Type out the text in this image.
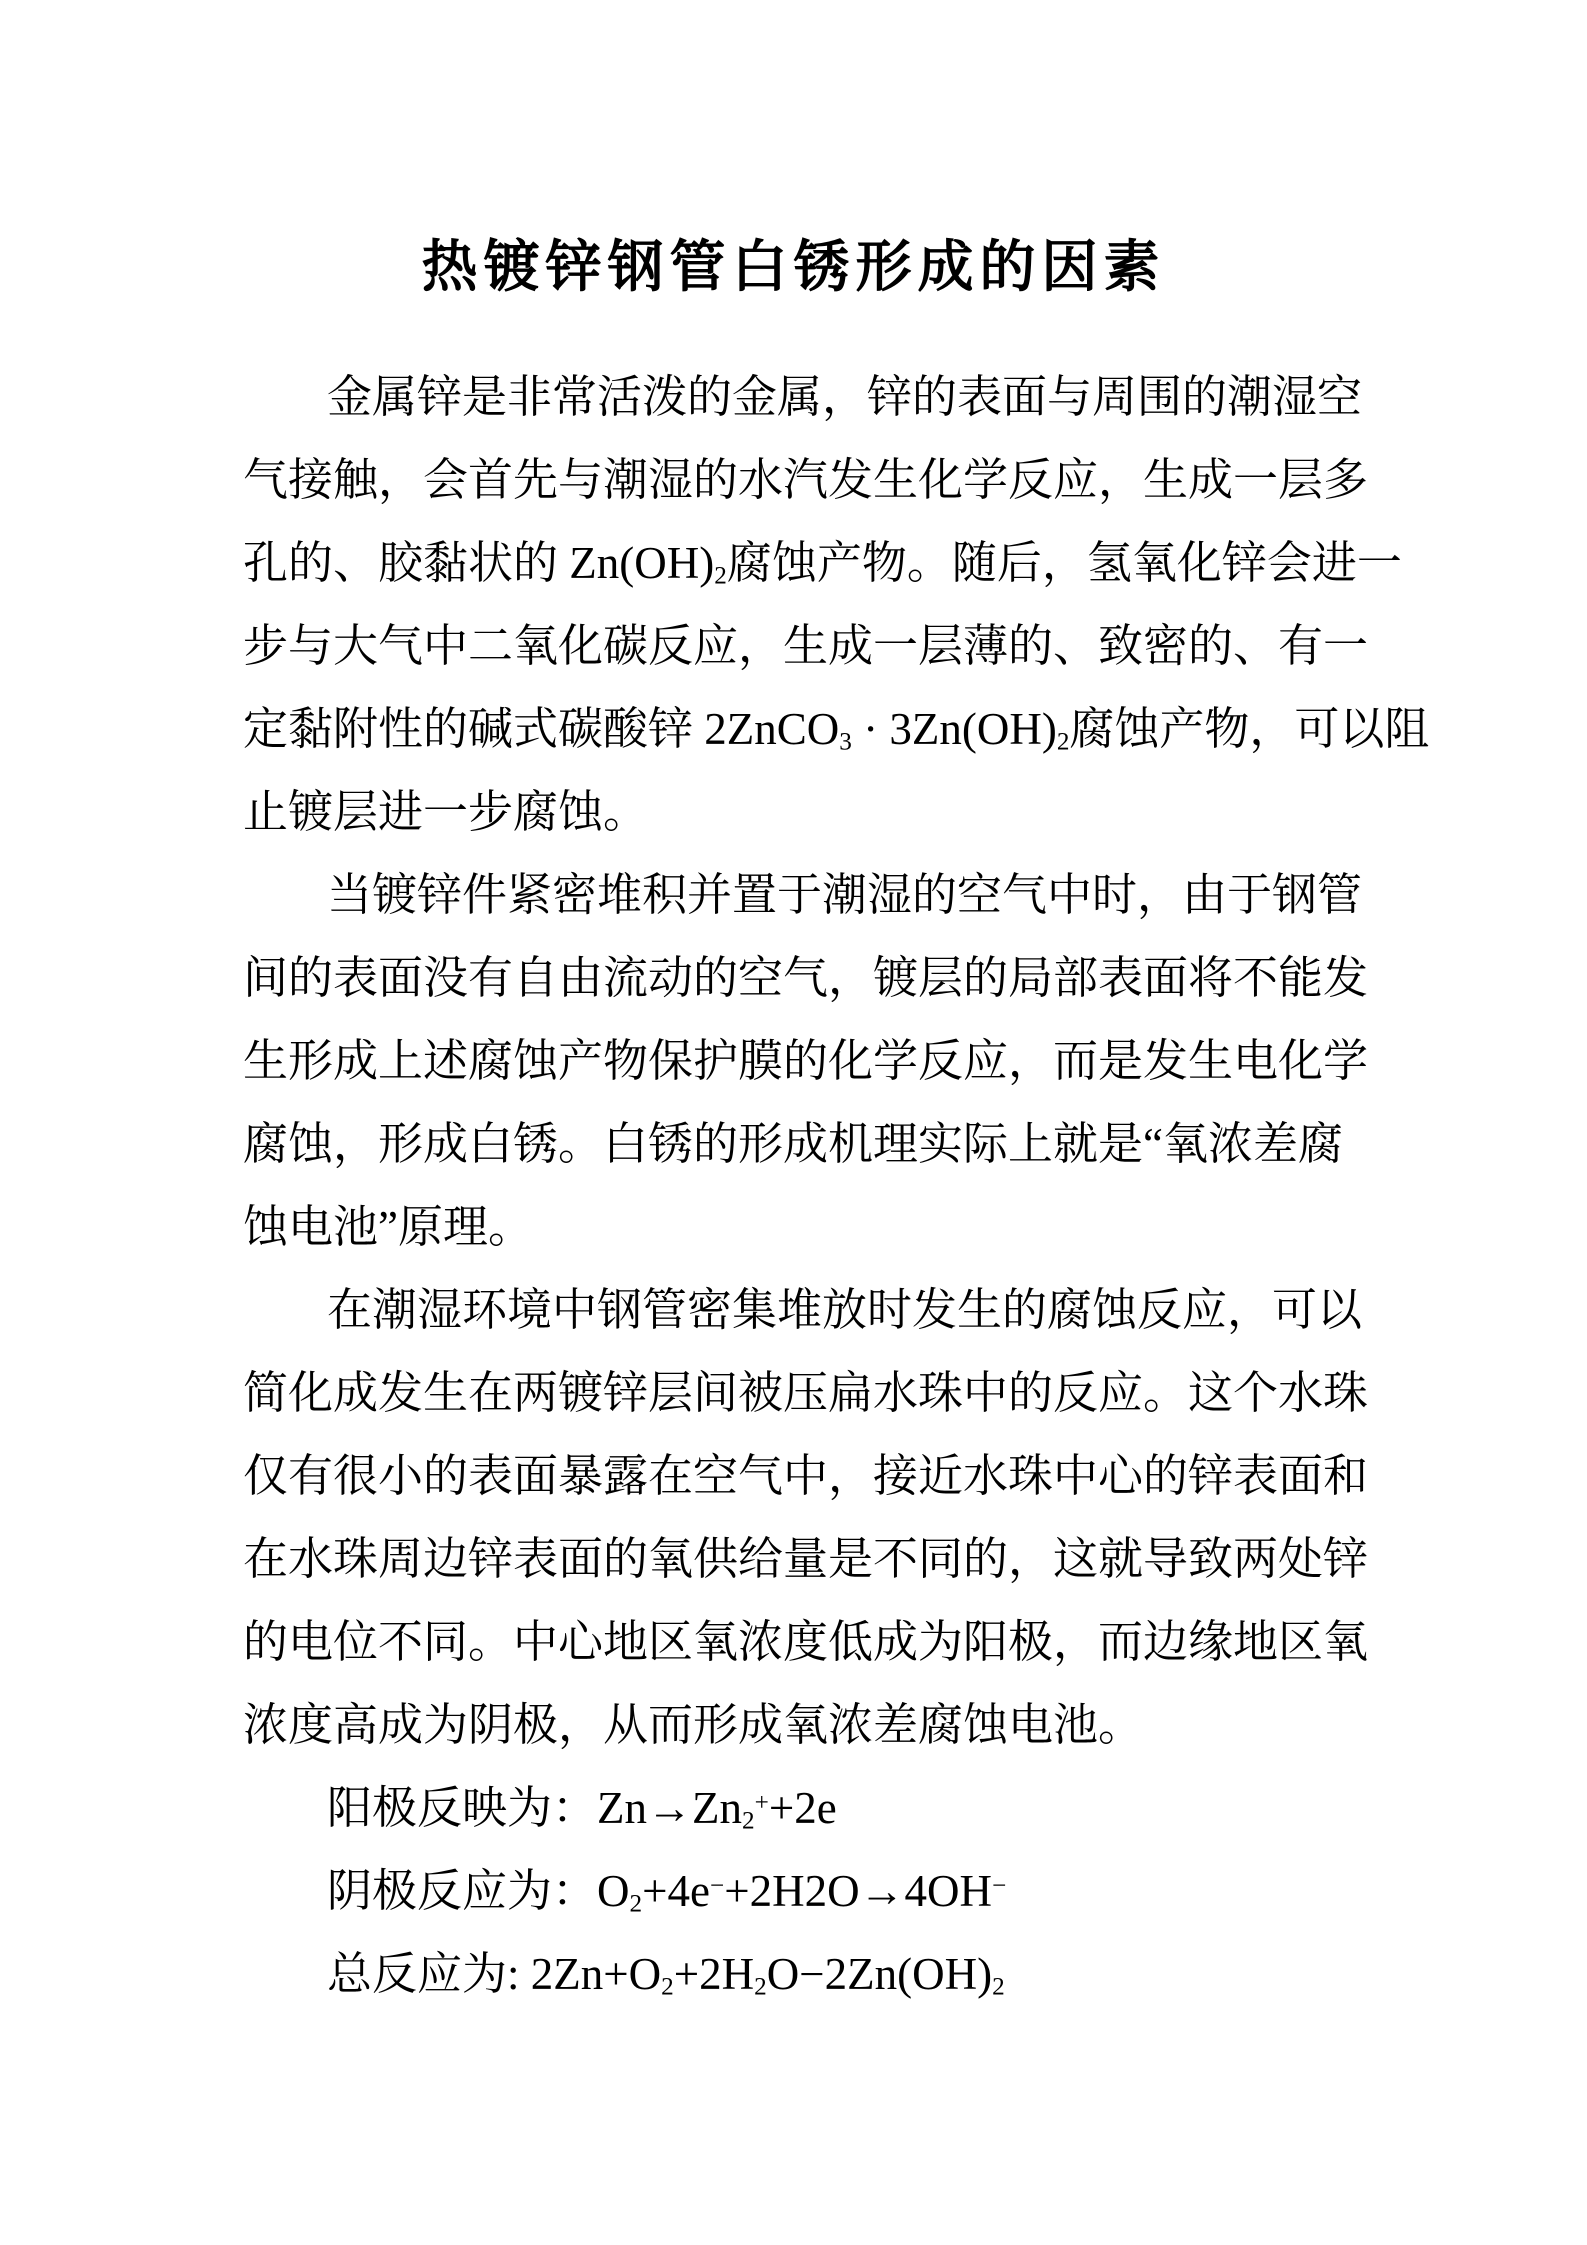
热镀锌钢管白锈形成的因素
金属锌是非常活泼的金属，锌的表面与周围的潮湿空
气接触，会首先与潮湿的水汽发生化学反应，生成一层多
孔的、胶黏状的 $Zn(OH)_2$腐蚀产物。随后，氢氧化锌会进一
步与大气中二氧化碳反应，生成一层薄的、致密的、有一
定黏附性的碱式碳酸锌 2ZnCO$_3$ · $3Zn(OH)_2$腐蚀产物，可以阻
止镀层进一步腐蚀。
当镀锌件紧密堆积并置于潮湿的空气中时，由于钢管
间的表面没有自由流动的空气，镀层的局部表面将不能发
生形成上述腐蚀产物保护膜的化学反应，而是发生电化学
腐蚀，形成白锈。白锈的形成机理实际上就是“氧浓差腐
蚀电池”原理。
在潮湿环境中钢管密集堆放时发生的腐蚀反应，可以
简化成发生在两镀锌层间被压扁水珠中的反应。这个水珠
仅有很小的表面暴露在空气中，接近水珠中心的锌表面和
在水珠周边锌表面的氧供给量是不同的，这就导致两处锌
的电位不同。中心地区氧浓度低成为阳极，而边缘地区氧
浓度高成为阴极，从而形成氧浓差腐蚀电池。
阳极反映为：$Zn\to Zn_2^++2e$
阴极反应为：$O_2+4e^-+2H2O\to 4OH^-$
总反应为: $2Zn+O_2+2H_2O-2Zn(OH)_2$
